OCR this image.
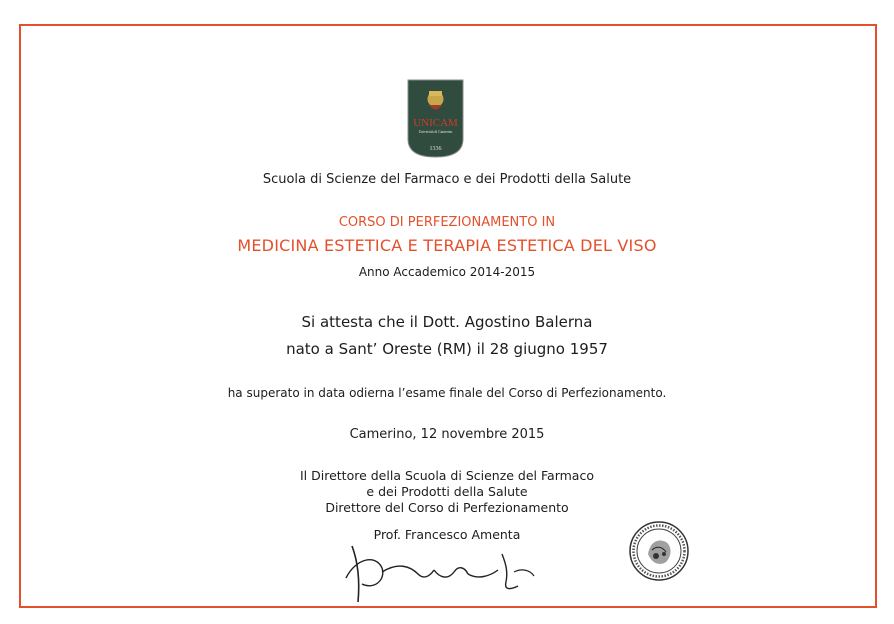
UNICAM
Università di Camerino
1336
Scuola di Scienze del Farmaco e dei Prodotti della Salute
CORSO DI PERFEZIONAMENTO IN
MEDICINA ESTETICA E TERAPIA ESTETICA DEL VISO
Anno Accademico 2014-2015
Si attesta che il Dott. Agostino Balerna
nato a Sant’ Oreste (RM) il 28 giugno 1957
ha superato in data odierna l’esame finale del Corso di Perfezionamento.
Camerino, 12 novembre 2015
Il Direttore della Scuola di Scienze del Farmaco
e dei Prodotti della Salute
Direttore del Corso di Perfezionamento
Prof. Francesco Amenta
